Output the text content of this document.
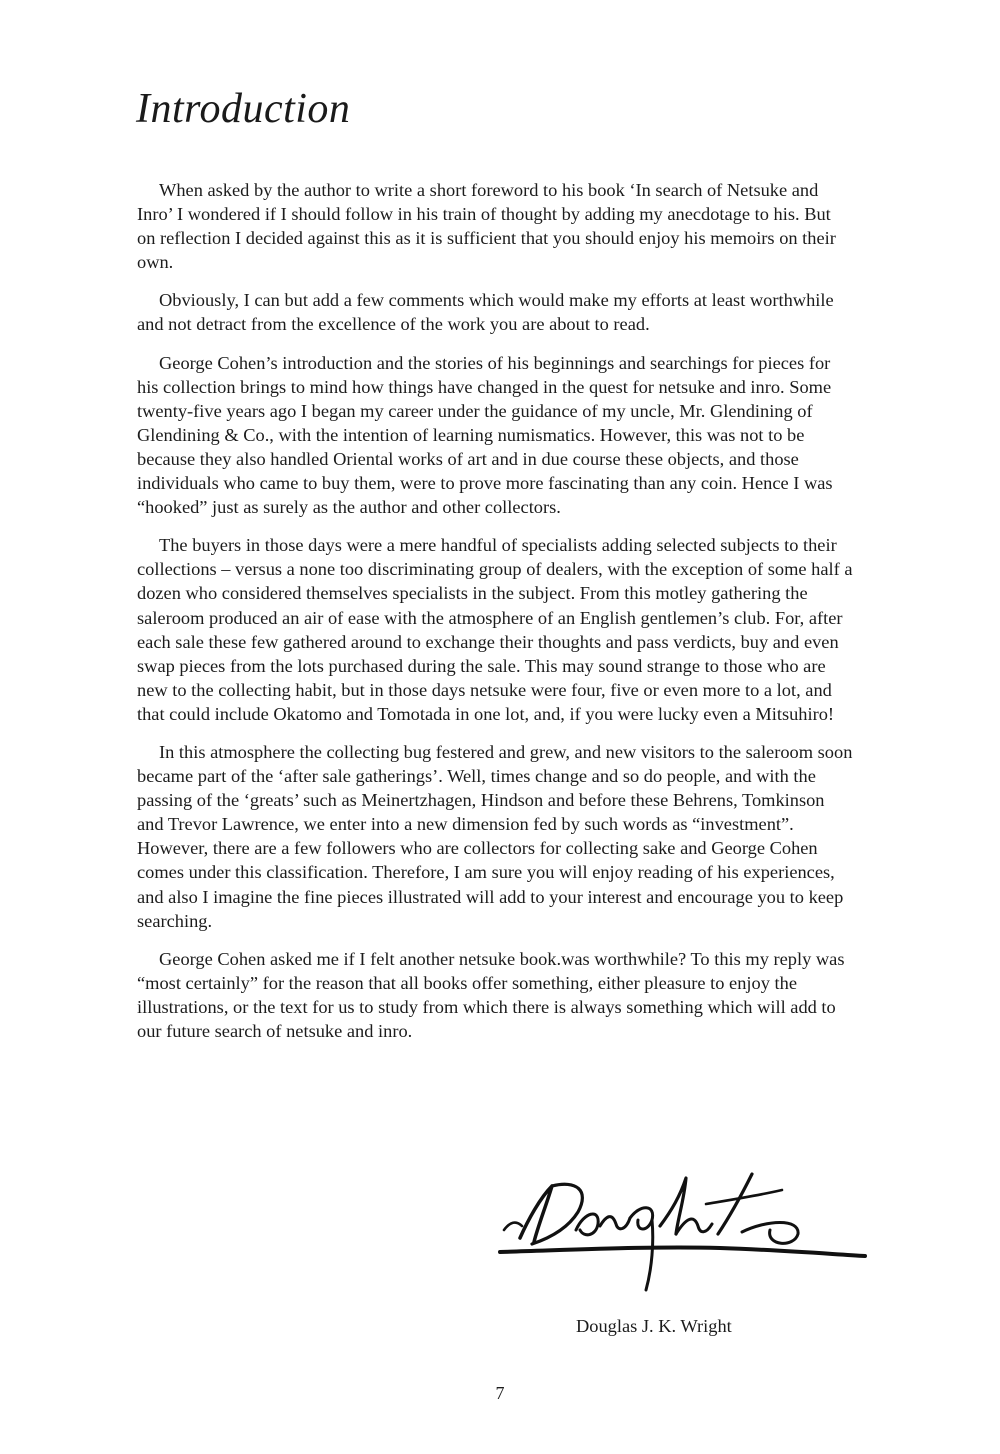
Introduction

When asked by the author to write a short foreword to his book ‘In search of Netsuke and Inro’ I wondered if I should follow in his train of thought by adding my anecdotage to his. But on reflection I decided against this as it is sufficient that you should enjoy his memoirs on their own.

Obviously, I can but add a few comments which would make my efforts at least worthwhile and not detract from the excellence of the work you are about to read.

George Cohen’s introduction and the stories of his beginnings and searchings for pieces for his collection brings to mind how things have changed in the quest for netsuke and inro. Some twenty-five years ago I began my career under the guidance of my uncle, Mr. Glendining of Glendining & Co., with the intention of learning numismatics. However, this was not to be because they also handled Oriental works of art and in due course these objects, and those individuals who came to buy them, were to prove more fascinating than any coin. Hence I was “hooked” just as surely as the author and other collectors.

The buyers in those days were a mere handful of specialists adding selected subjects to their collections – versus a none too discriminating group of dealers, with the exception of some half a dozen who considered themselves specialists in the subject. From this motley gathering the saleroom produced an air of ease with the atmosphere of an English gentlemen’s club. For, after each sale these few gathered around to exchange their thoughts and pass verdicts, buy and even swap pieces from the lots purchased during the sale. This may sound strange to those who are new to the collecting habit, but in those days netsuke were four, five or even more to a lot, and that could include Okatomo and Tomotada in one lot, and, if you were lucky even a Mitsuhiro!

In this atmosphere the collecting bug festered and grew, and new visitors to the saleroom soon became part of the ‘after sale gatherings’. Well, times change and so do people, and with the passing of the ‘greats’ such as Meinertzhagen, Hindson and before these Behrens, Tomkinson and Trevor Lawrence, we enter into a new dimension fed by such words as “investment”. However, there are a few followers who are collectors for collecting sake and George Cohen comes under this classification. Therefore, I am sure you will enjoy reading of his experiences, and also I imagine the fine pieces illustrated will add to your interest and encourage you to keep searching.

George Cohen asked me if I felt another netsuke book.was worthwhile? To this my reply was “most certainly” for the reason that all books offer something, either pleasure to enjoy the illustrations, or the text for us to study from which there is always something which will add to our future search of netsuke and inro.

Douglas J. K. Wright
7
